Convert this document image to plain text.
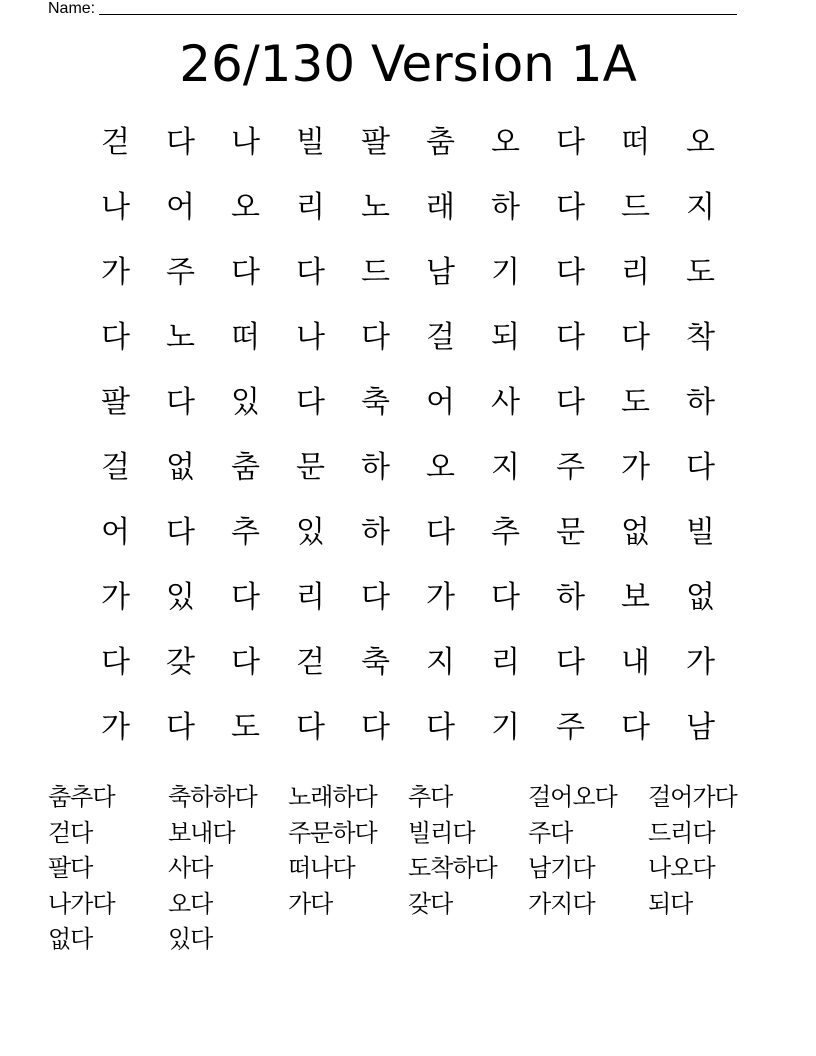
Name:
26/130 Version 1A
걷	다	나	빌	팔	춤	오	다	떠	오
나	어	오	리	노	래	하	다	드	지
가	주	다	다	드	남	기	다	리	도
다	노	떠	나	다	걸	되	다	다	착
팔	다	있	다	축	어	사	다	도	하
걸	없	춤	문	하	오	지	주	가	다
어	다	추	있	하	다	추	문	없	빌
가	있	다	리	다	가	다	하	보	없
다	갖	다	걷	축	지	리	다	내	가
가	다	도	다	다	다	기	주	다	남
춤추다	축하하다	노래하다	추다	걸어오다	걸어가다
걷다	보내다	주문하다	빌리다	주다	드리다
팔다	사다	떠나다	도착하다	남기다	나오다
나가다	오다	가다	갖다	가지다	되다
없다	있다
